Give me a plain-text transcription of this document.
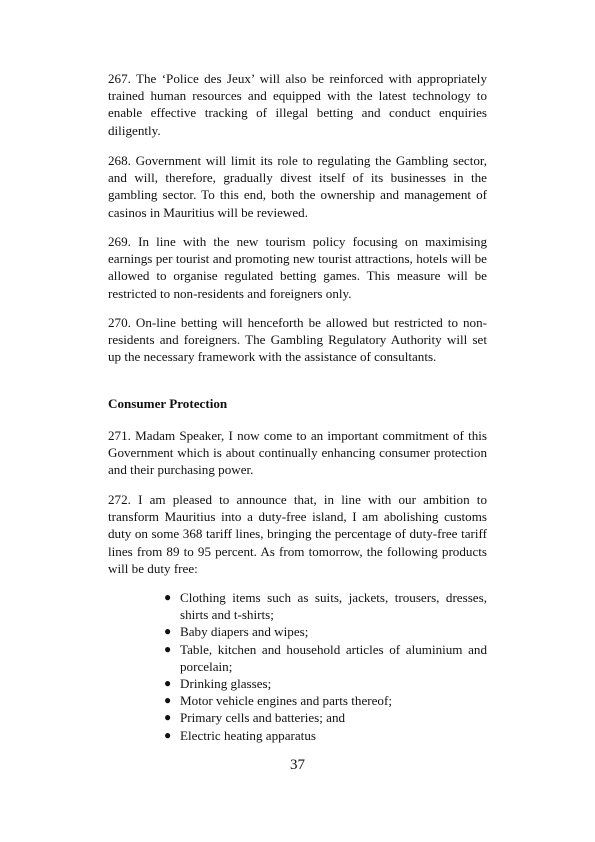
267. The ‘Police des Jeux’ will also be reinforced with appropriately trained human resources and equipped with the latest technology to enable effective tracking of illegal betting and conduct enquiries diligently.

268. Government will limit its role to regulating the Gambling sector, and will, therefore, gradually divest itself of its businesses in the gambling sector. To this end, both the ownership and management of casinos in Mauritius will be reviewed.

269. In line with the new tourism policy focusing on maximising earnings per tourist and promoting new tourist attractions, hotels will be allowed to organise regulated betting games. This measure will be restricted to non-residents and foreigners only.

270. On-line betting will henceforth be allowed but restricted to non-residents and foreigners. The Gambling Regulatory Authority will set up the necessary framework with the assistance of consultants.

Consumer Protection

271. Madam Speaker, I now come to an important commitment of this Government which is about continually enhancing consumer protection and their purchasing power.

272. I am pleased to announce that, in line with our ambition to transform Mauritius into a duty-free island, I am abolishing customs duty on some 368 tariff lines, bringing the percentage of duty-free tariff lines from 89 to 95 percent. As from tomorrow, the following products will be duty free:

● Clothing items such as suits, jackets, trousers, dresses, shirts and t-shirts;
● Baby diapers and wipes;
● Table, kitchen and household articles of aluminium and porcelain;
● Drinking glasses;
● Motor vehicle engines and parts thereof;
● Primary cells and batteries; and
● Electric heating apparatus

37
